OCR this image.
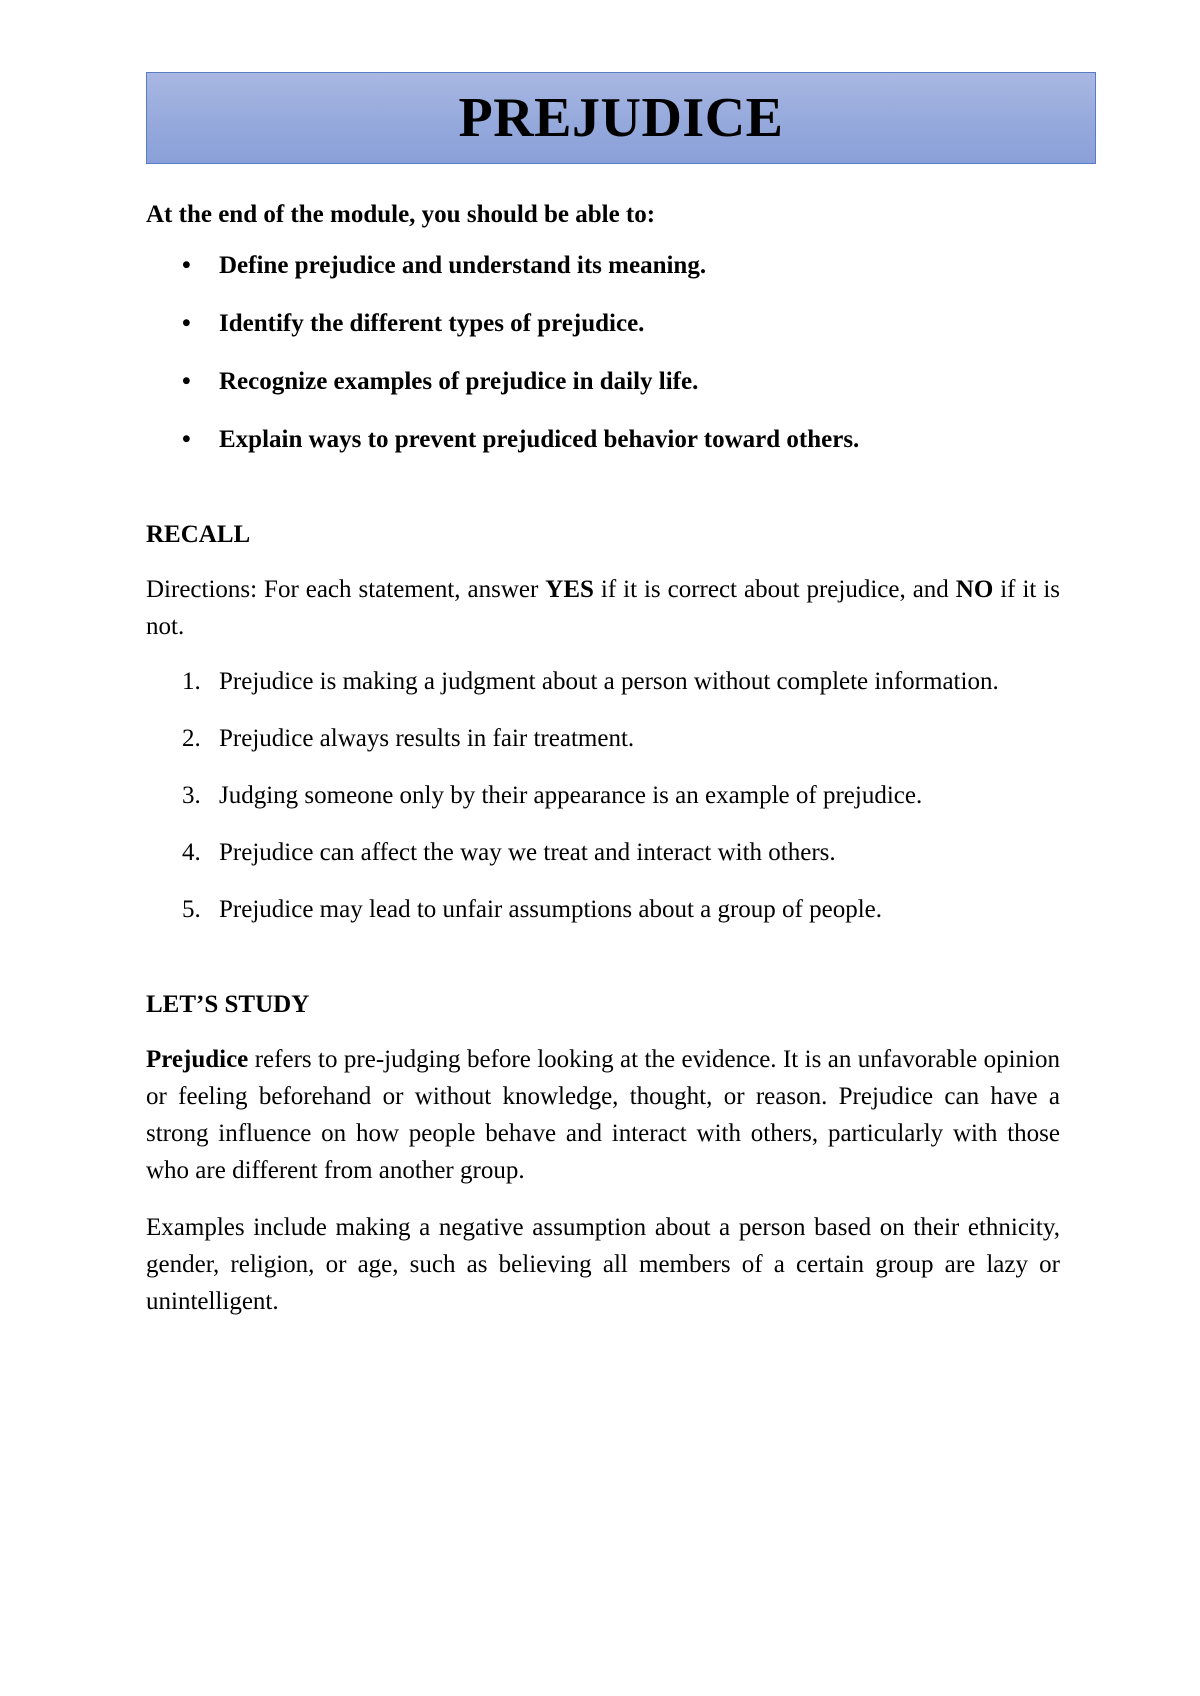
PREJUDICE
At the end of the module, you should be able to:
• Define prejudice and understand its meaning.
• Identify the different types of prejudice.
• Recognize examples of prejudice in daily life.
• Explain ways to prevent prejudiced behavior toward others.
RECALL
Directions: For each statement, answer YES if it is correct about prejudice, and NO if it is not.
1. Prejudice is making a judgment about a person without complete information.
2. Prejudice always results in fair treatment.
3. Judging someone only by their appearance is an example of prejudice.
4. Prejudice can affect the way we treat and interact with others.
5. Prejudice may lead to unfair assumptions about a group of people.
LET’S STUDY
Prejudice refers to pre-judging before looking at the evidence. It is an unfavorable opinion or feeling beforehand or without knowledge, thought, or reason. Prejudice can have a strong influence on how people behave and interact with others, particularly with those who are different from another group.
Examples include making a negative assumption about a person based on their ethnicity, gender, religion, or age, such as believing all members of a certain group are lazy or unintelligent.
